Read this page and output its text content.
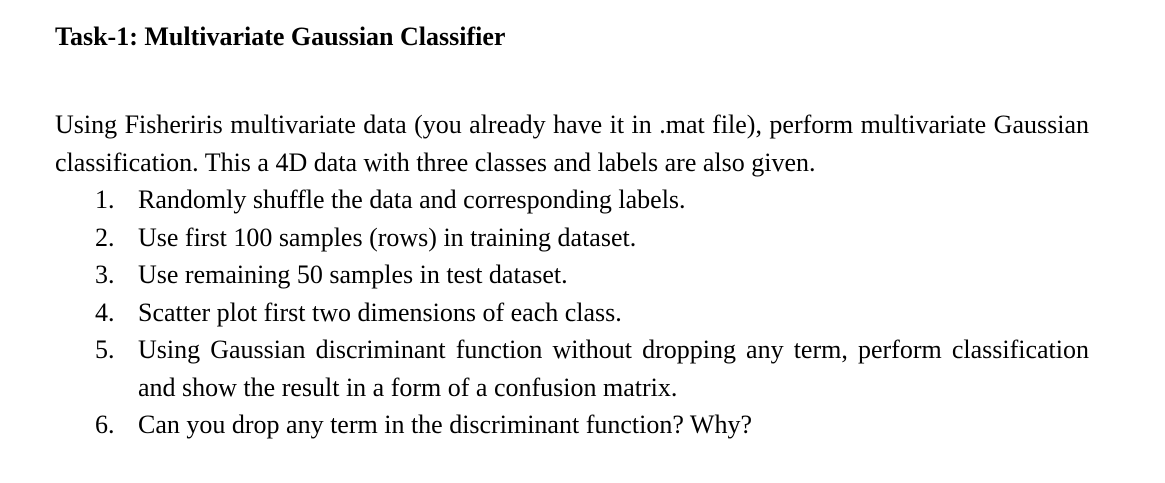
Task-1: Multivariate Gaussian Classifier

Using Fisheriris multivariate data (you already have it in .mat file), perform multivariate Gaussian classification. This a 4D data with three classes and labels are also given.

1. Randomly shuffle the data and corresponding labels.
2. Use first 100 samples (rows) in training dataset.
3. Use remaining 50 samples in test dataset.
4. Scatter plot first two dimensions of each class.
5. Using Gaussian discriminant function without dropping any term, perform classification and show the result in a form of a confusion matrix.
6. Can you drop any term in the discriminant function? Why?
